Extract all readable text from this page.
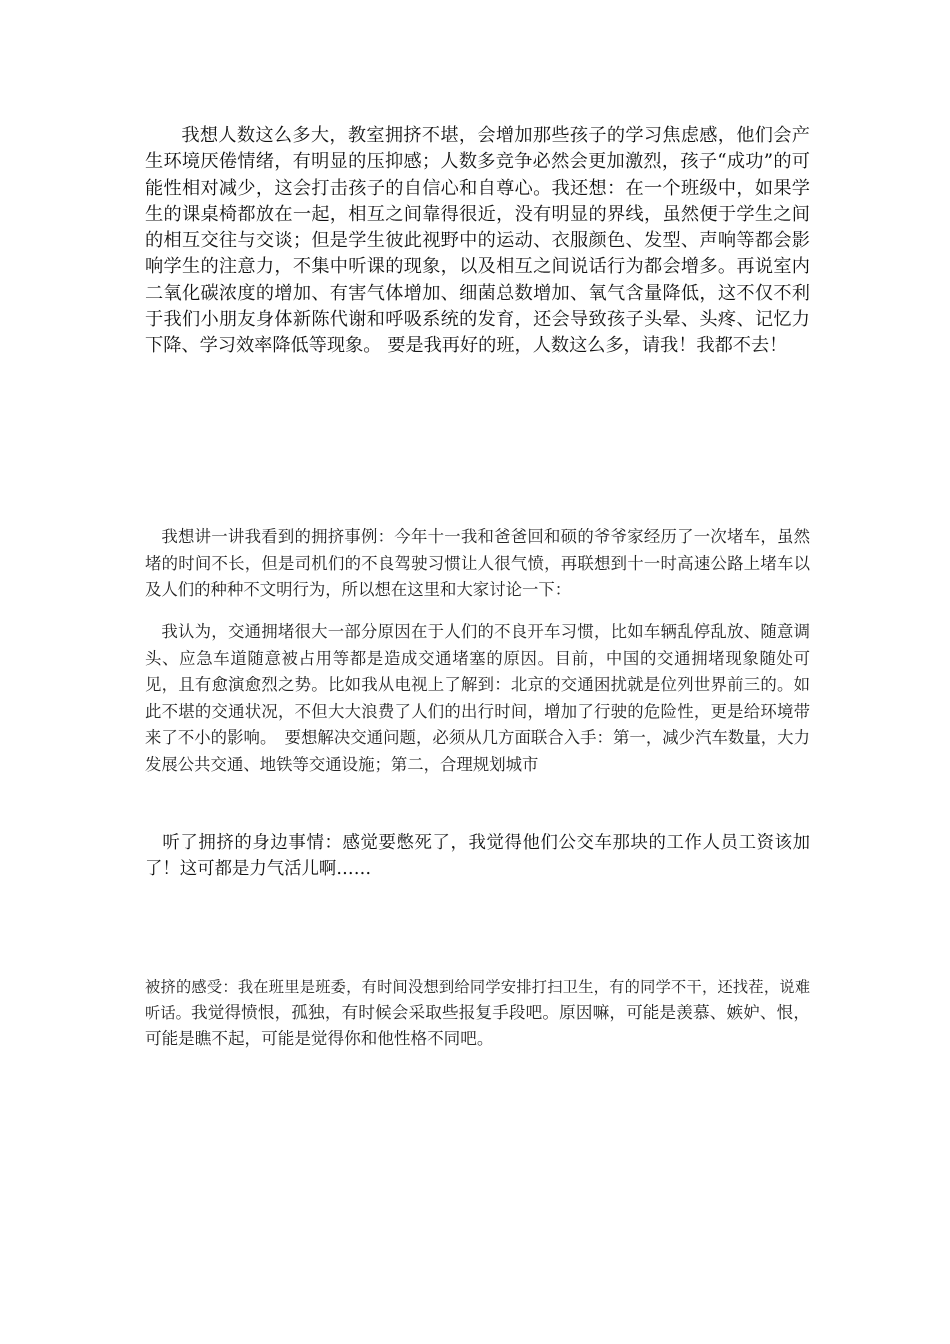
我想人数这么多大，教室拥挤不堪，会增加那些孩子的学习焦虑感，他们会产生环境厌倦情绪，有明显的压抑感；人数多竞争必然会更加激烈，孩子“成功”的可能性相对减少，这会打击孩子的自信心和自尊心。我还想：在一个班级中，如果学生的课桌椅都放在一起，相互之间靠得很近，没有明显的界线，虽然便于学生之间的相互交往与交谈；但是学生彼此视野中的运动、衣服颜色、发型、声响等都会影响学生的注意力，不集中听课的现象，以及相互之间说话行为都会增多。再说室内二氧化碳浓度的增加、有害气体增加、细菌总数增加、氧气含量降低，这不仅不利于我们小朋友身体新陈代谢和呼吸系统的发育，还会导致孩子头晕、头疼、记忆力下降、学习效率降低等现象。 要是我再好的班，人数这么多，请我！我都不去！

我想讲一讲我看到的拥挤事例：今年十一我和爸爸回和硕的爷爷家经历了一次堵车，虽然堵的时间不长，但是司机们的不良驾驶习惯让人很气愤，再联想到十一时高速公路上堵车以及人们的种种不文明行为，所以想在这里和大家讨论一下：

我认为，交通拥堵很大一部分原因在于人们的不良开车习惯，比如车辆乱停乱放、随意调头、应急车道随意被占用等都是造成交通堵塞的原因。目前，中国的交通拥堵现象随处可见，且有愈演愈烈之势。比如我从电视上了解到：北京的交通困扰就是位列世界前三的。如此不堪的交通状况，不但大大浪费了人们的出行时间，增加了行驶的危险性，更是给环境带来了不小的影响。　要想解决交通问题，必须从几方面联合入手：第一，减少汽车数量，大力发展公共交通、地铁等交通设施；第二，合理规划城市

听了拥挤的身边事情：感觉要憋死了，我觉得他们公交车那块的工作人员工资该加了！这可都是力气活儿啊……

被挤的感受：我在班里是班委，有时间没想到给同学安排打扫卫生，有的同学不干，还找茬，说难听话。我觉得愤恨，孤独，有时候会采取些报复手段吧。原因嘛，可能是羡慕、嫉妒、恨，可能是瞧不起，可能是觉得你和他性格不同吧。
